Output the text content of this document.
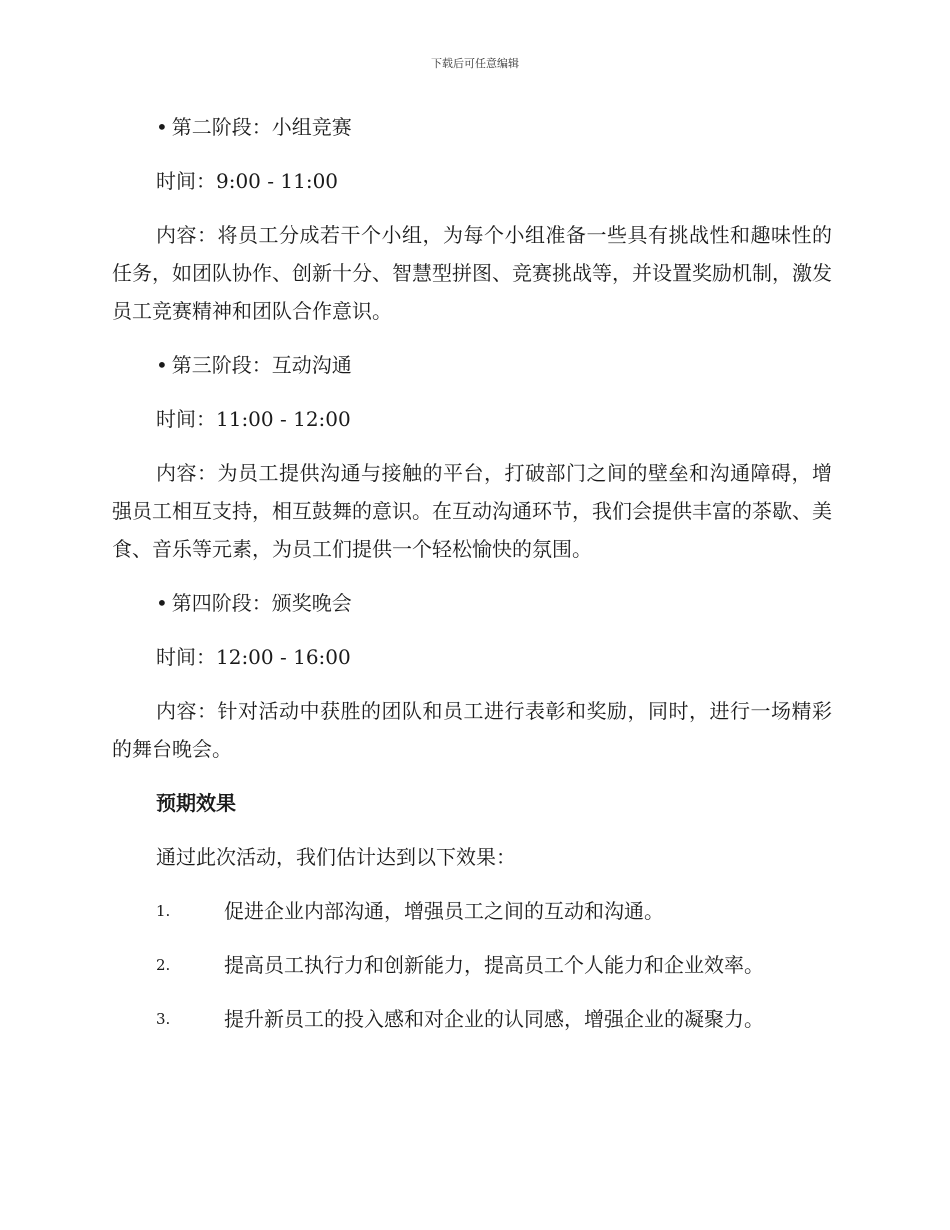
下载后可任意编辑

• 第二阶段：小组竞赛

时间：9:00 - 11:00

内容：将员工分成若干个小组，为每个小组准备一些具有挑战性和趣味性的任务，如团队协作、创新十分、智慧型拼图、竞赛挑战等，并设置奖励机制，激发员工竞赛精神和团队合作意识。

• 第三阶段：互动沟通

时间：11:00 - 12:00

内容：为员工提供沟通与接触的平台，打破部门之间的壁垒和沟通障碍，增强员工相互支持，相互鼓舞的意识。在互动沟通环节，我们会提供丰富的茶歇、美食、音乐等元素，为员工们提供一个轻松愉快的氛围。

• 第四阶段：颁奖晚会

时间：12:00 - 16:00

内容：针对活动中获胜的团队和员工进行表彰和奖励，同时，进行一场精彩的舞台晚会。

预期效果

通过此次活动，我们估计达到以下效果：

1.	促进企业内部沟通，增强员工之间的互动和沟通。
2.	提高员工执行力和创新能力，提高员工个人能力和企业效率。
3.	提升新员工的投入感和对企业的认同感，增强企业的凝聚力。
